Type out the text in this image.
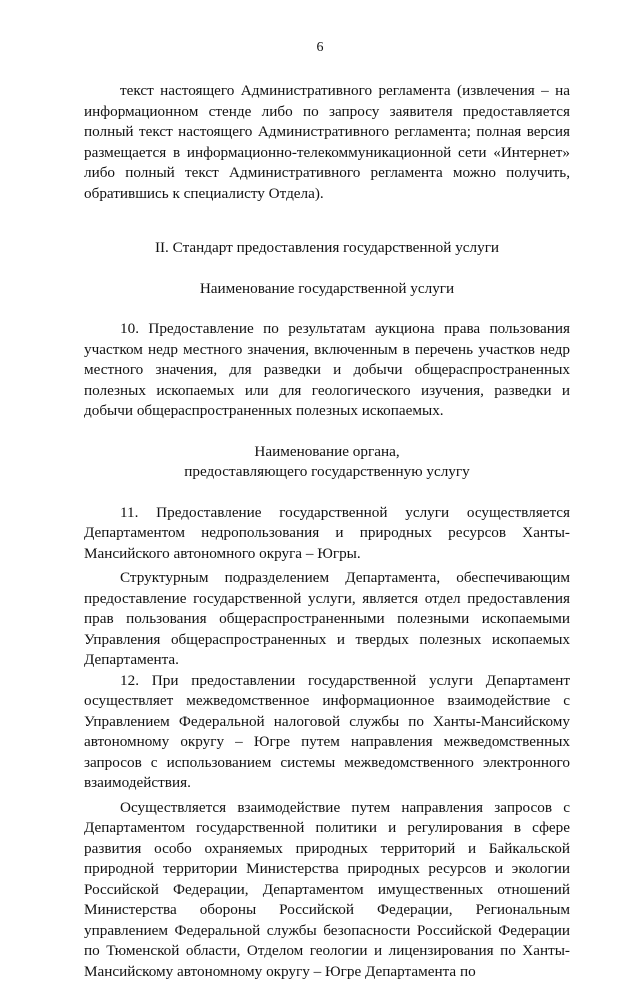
6

текст настоящего Административного регламента (извлечения – на информационном стенде либо по запросу заявителя предоставляется полный текст настоящего Административного регламента; полная версия размещается в информационно-телекоммуникационной сети «Интернет» либо полный текст Административного регламента можно получить, обратившись к специалисту Отдела).

II. Стандарт предоставления государственной услуги

Наименование государственной услуги

10. Предоставление по результатам аукциона права пользования участком недр местного значения, включенным в перечень участков недр местного значения, для разведки и добычи общераспространенных полезных ископаемых или для геологического изучения, разведки и добычи общераспространенных полезных ископаемых.

Наименование органа,

предоставляющего государственную услугу

11. Предоставление государственной услуги осуществляется Департаментом недропользования и природных ресурсов Ханты-Мансийского автономного округа – Югры.

Структурным подразделением Департамента, обеспечивающим предоставление государственной услуги, является отдел предоставления прав пользования общераспространенными полезными ископаемыми Управления общераспространенных и твердых полезных ископаемых Департамента.

12. При предоставлении государственной услуги Департамент осуществляет межведомственное информационное взаимодействие с Управлением Федеральной налоговой службы по Ханты-Мансийскому автономному округу – Югре путем направления межведомственных запросов с использованием системы межведомственного электронного взаимодействия.

Осуществляется взаимодействие путем направления запросов с Департаментом государственной политики и регулирования в сфере развития особо охраняемых природных территорий и Байкальской природной территории Министерства природных ресурсов и экологии Российской Федерации, Департаментом имущественных отношений Министерства обороны Российской Федерации, Региональным управлением Федеральной службы безопасности Российской Федерации по Тюменской области, Отделом геологии и лицензирования по Ханты-Мансийскому автономному округу – Югре Департамента по
